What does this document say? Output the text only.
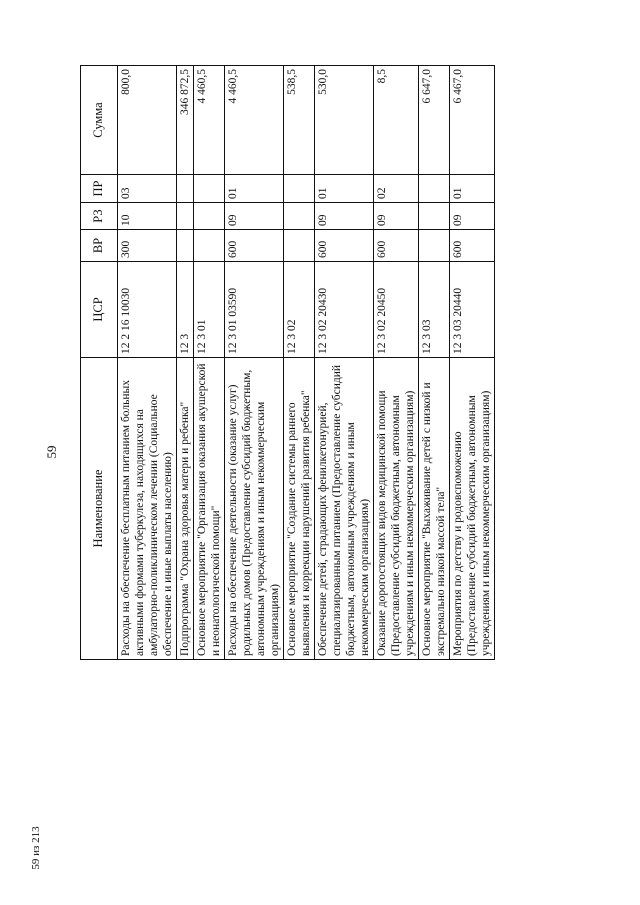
59
Наименование	ЦСР	ВР	РЗ	ПР	Сумма
Расходы на обеспечение бесплатным питанием больных активными формами туберкулеза, находящихся на амбулаторно-поликлиническом лечении (Социальное обеспечение и иные выплаты населению)	12 2 16 10030	300	10	03	800,0
Подпрограмма "Охрана здоровья матери и ребенка"	12 3				346 872,5
Основное мероприятие "Организация оказания акушерской и неонатологической помощи"	12 3 01				4 460,5
Расходы на обеспечение деятельности (оказание услуг) родильных домов (Предоставление субсидий бюджетным, автономным учреждениям и иным некоммерческим организациям)	12 3 01 03590	600	09	01	4 460,5
Основное мероприятие "Создание системы раннего выявления и коррекции нарушений развития ребенка"	12 3 02				538,5
Обеспечение детей, страдающих фенилкетонурией, специализированным питанием (Предоставление субсидий бюджетным, автономным учреждениям и иным некоммерческим организациям)	12 3 02 20430	600	09	01	530,0
Оказание дорогостоящих видов медицинской помощи (Предоставление субсидий бюджетным, автономным учреждениям и иным некоммерческим организациям)	12 3 02 20450	600	09	02	8,5
Основное мероприятие "Выхаживание детей с низкой и экстремально низкой массой тела"	12 3 03				6 647,0
Мероприятия по детству и родовспоможению (Предоставление субсидий бюджетным, автономным учреждениям и иным некоммерческим организациям)	12 3 03 20440	600	09	01	6 467,0
59 из 213
